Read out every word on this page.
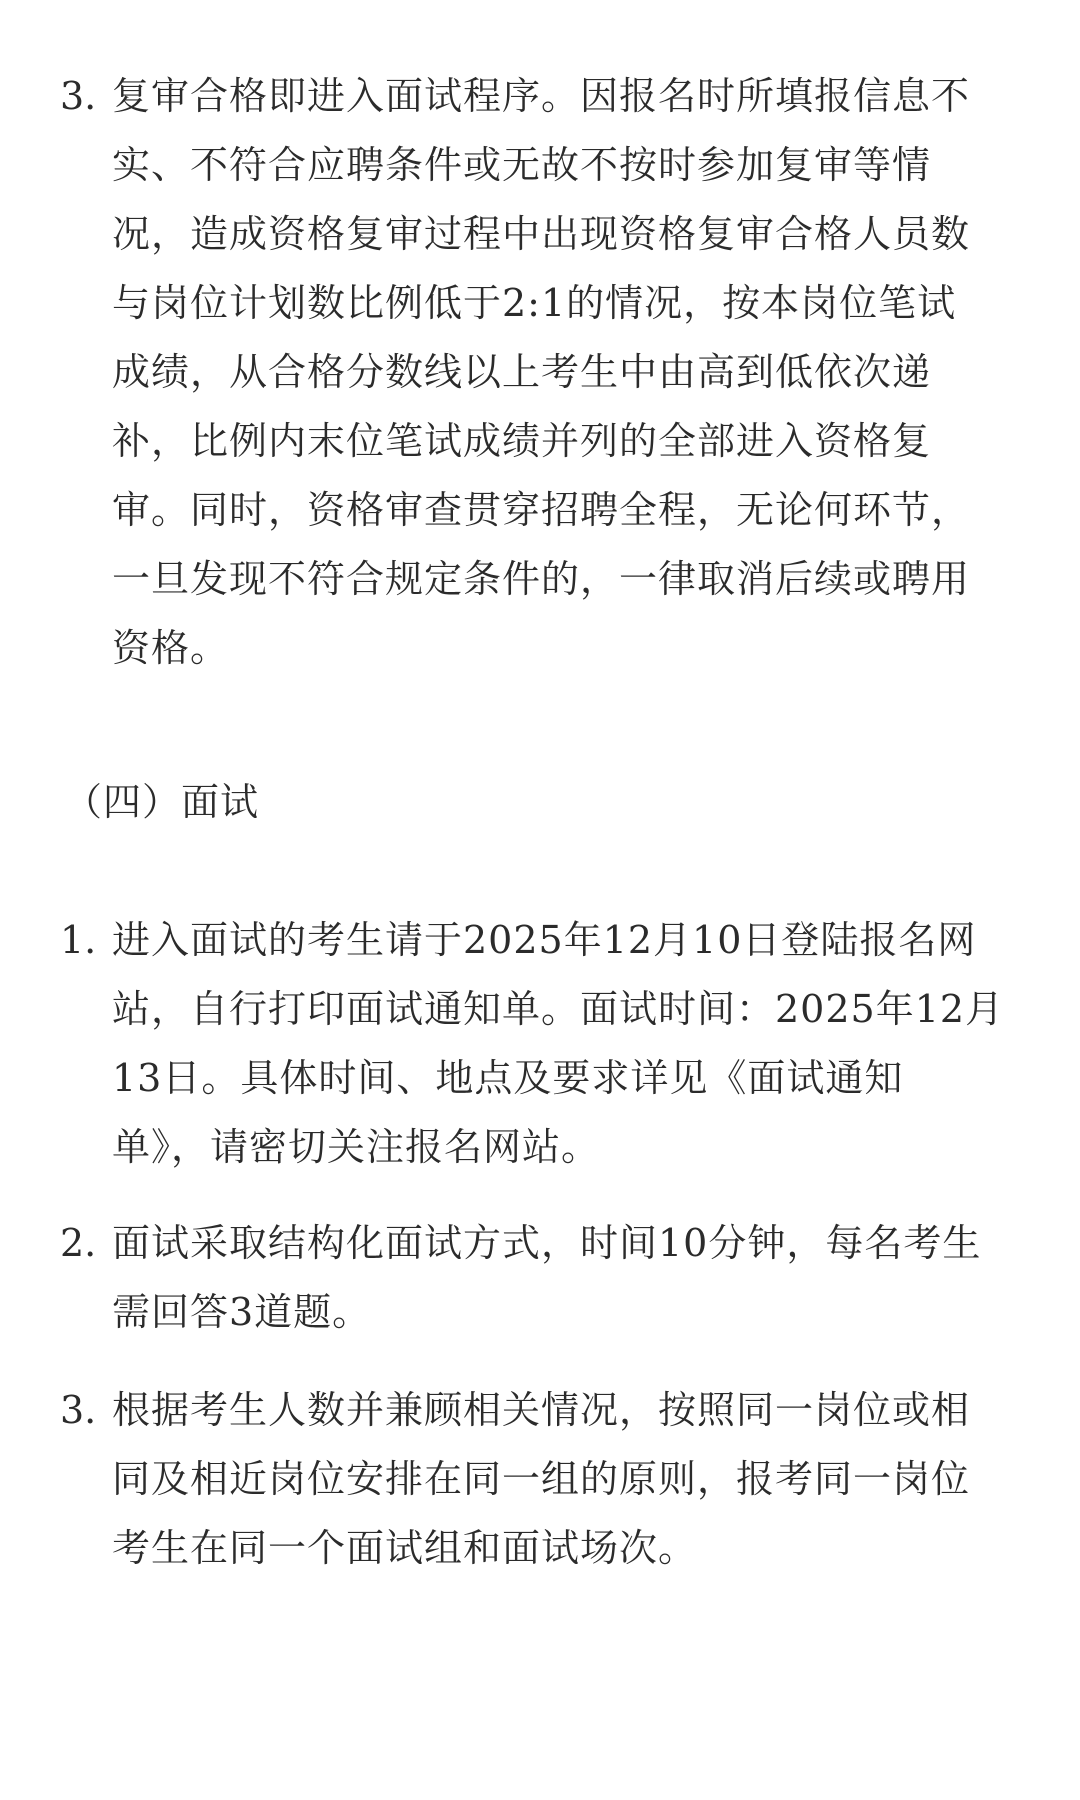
3. 复审合格即进入面试程序。因报名时所填报信息不
实、不符合应聘条件或无故不按时参加复审等情
况，造成资格复审过程中出现资格复审合格人员数
与岗位计划数比例低于2:1的情况，按本岗位笔试
成绩，从合格分数线以上考生中由高到低依次递
补，比例内末位笔试成绩并列的全部进入资格复
审。同时，资格审查贯穿招聘全程，无论何环节，
一旦发现不符合规定条件的，一律取消后续或聘用
资格。
（四）面试
1. 进入面试的考生请于2025年12月10日登陆报名网
站，自行打印面试通知单。面试时间：2025年12月
13日。具体时间、地点及要求详见《面试通知
单》，请密切关注报名网站。
2. 面试采取结构化面试方式，时间10分钟，每名考生
需回答3道题。
3. 根据考生人数并兼顾相关情况，按照同一岗位或相
同及相近岗位安排在同一组的原则，报考同一岗位
考生在同一个面试组和面试场次。
